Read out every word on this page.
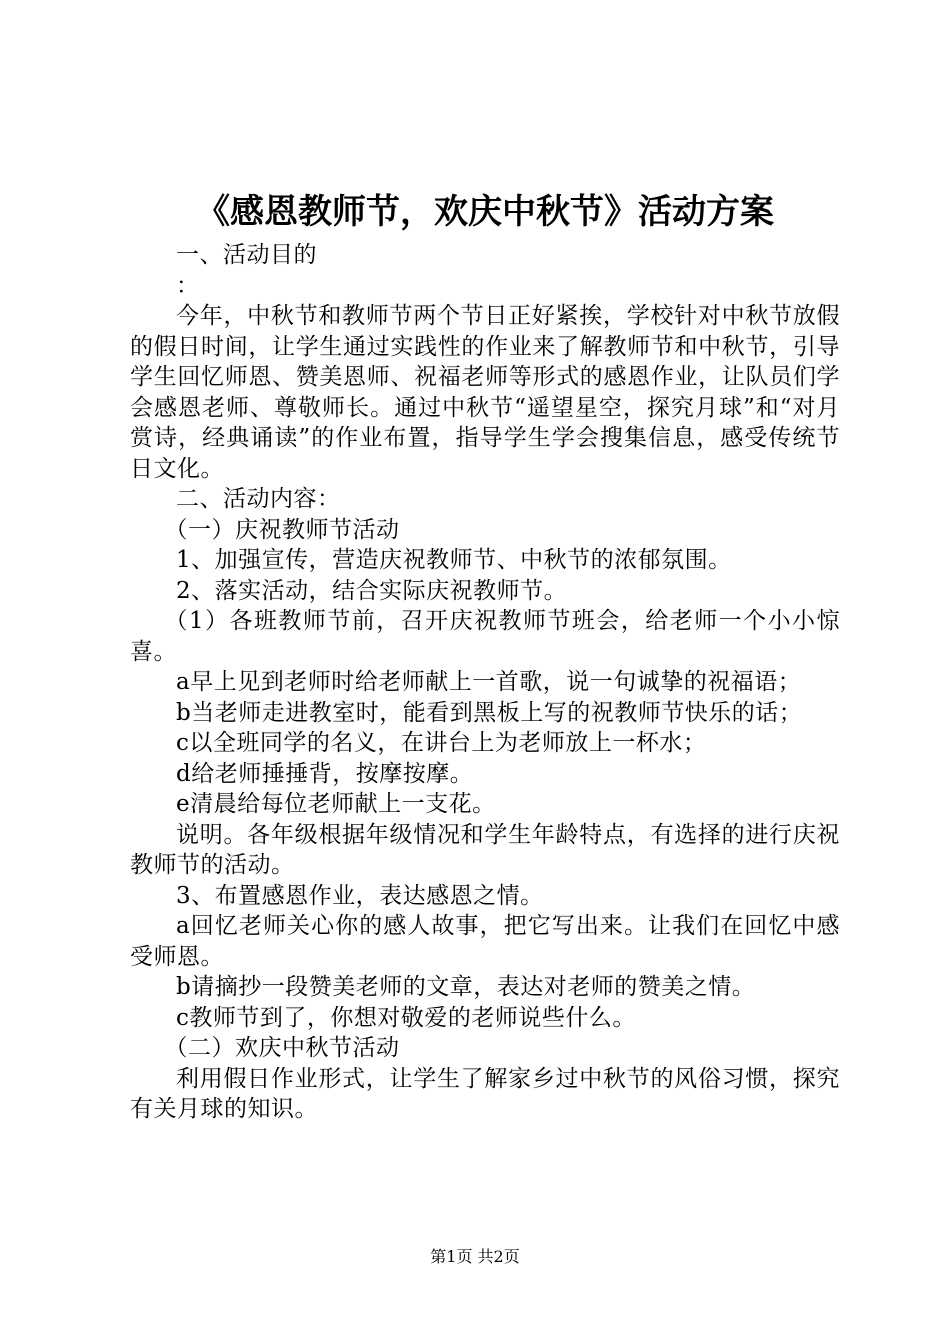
《感恩教师节，欢庆中秋节》活动方案

一、活动目的

：

今年，中秋节和教师节两个节日正好紧挨，学校针对中秋节放假的假日时间，让学生通过实践性的作业来了解教师节和中秋节，引导学生回忆师恩、赞美恩师、祝福老师等形式的感恩作业，让队员们学会感恩老师、尊敬师长。通过中秋节“遥望星空，探究月球”和“对月赏诗，经典诵读”的作业布置，指导学生学会搜集信息，感受传统节日文化。

二、活动内容：

（一）庆祝教师节活动

1、加强宣传，营造庆祝教师节、中秋节的浓郁氛围。

2、落实活动，结合实际庆祝教师节。

（1）各班教师节前，召开庆祝教师节班会，给老师一个小小惊喜。

a早上见到老师时给老师献上一首歌，说一句诚挚的祝福语；

b当老师走进教室时，能看到黑板上写的祝教师节快乐的话；

c以全班同学的名义，在讲台上为老师放上一杯水；

d给老师捶捶背，按摩按摩。

e清晨给每位老师献上一支花。

说明。各年级根据年级情况和学生年龄特点，有选择的进行庆祝教师节的活动。

3、布置感恩作业，表达感恩之情。

a回忆老师关心你的感人故事，把它写出来。让我们在回忆中感受师恩。

b请摘抄一段赞美老师的文章，表达对老师的赞美之情。

c教师节到了，你想对敬爱的老师说些什么。

（二）欢庆中秋节活动

利用假日作业形式，让学生了解家乡过中秋节的风俗习惯，探究有关月球的知识。

第1页 共2页
